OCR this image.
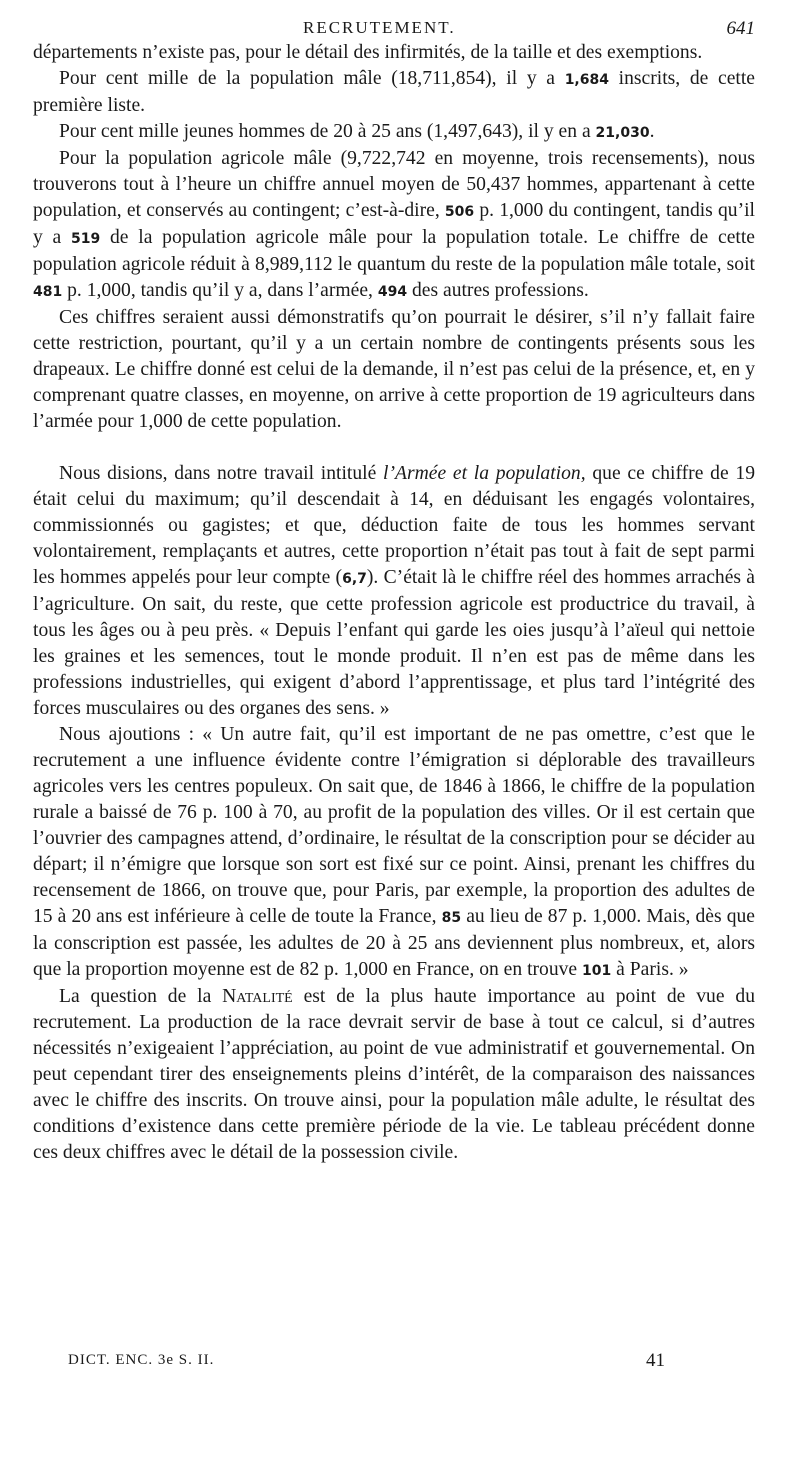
RECRUTEMENT.	641

départements n’existe pas, pour le détail des infirmités, de la taille et des exemptions.

Pour cent mille de la population mâle (18,711,854), il y a 1,684 inscrits, de cette première liste.

Pour cent mille jeunes hommes de 20 à 25 ans (1,497,643), il y en a 21,030.

Pour la population agricole mâle (9,722,742 en moyenne, trois recensements), nous trouverons tout à l’heure un chiffre annuel moyen de 50,437 hommes, appartenant à cette population, et conservés au contingent; c’est-à-dire, 506 p. 1,000 du contingent, tandis qu’il y a 519 de la population agricole mâle pour la population totale. Le chiffre de cette population agricole réduit à 8,989,112 le quantum du reste de la population mâle totale, soit 481 p. 1,000, tandis qu’il y a, dans l’armée, 494 des autres professions.

Ces chiffres seraient aussi démonstratifs qu’on pourrait le désirer, s’il n’y fallait faire cette restriction, pourtant, qu’il y a un certain nombre de contingents présents sous les drapeaux. Le chiffre donné est celui de la demande, il n’est pas celui de la présence, et, en y comprenant quatre classes, en moyenne, on arrive à cette proportion de 19 agriculteurs dans l’armée pour 1,000 de cette population.

Nous disions, dans notre travail intitulé l’Armée et la population, que ce chiffre de 19 était celui du maximum; qu’il descendait à 14, en déduisant les engagés volontaires, commissionnés ou gagistes; et que, déduction faite de tous les hommes servant volontairement, remplaçants et autres, cette proportion n’était pas tout à fait de sept parmi les hommes appelés pour leur compte (6,7). C’était là le chiffre réel des hommes arrachés à l’agriculture. On sait, du reste, que cette profession agricole est productrice du travail, à tous les âges ou à peu près. « Depuis l’enfant qui garde les oies jusqu’à l’aïeul qui nettoie les graines et les semences, tout le monde produit. Il n’en est pas de même dans les professions industrielles, qui exigent d’abord l’apprentissage, et plus tard l’intégrité des forces musculaires ou des organes des sens. »

Nous ajoutions : « Un autre fait, qu’il est important de ne pas omettre, c’est que le recrutement a une influence évidente contre l’émigration si déplorable des travailleurs agricoles vers les centres populeux. On sait que, de 1846 à 1866, le chiffre de la population rurale a baissé de 76 p. 100 à 70, au profit de la population des villes. Or il est certain que l’ouvrier des campagnes attend, d’ordinaire, le résultat de la conscription pour se décider au départ; il n’émigre que lorsque son sort est fixé sur ce point. Ainsi, prenant les chiffres du recensement de 1866, on trouve que, pour Paris, par exemple, la proportion des adultes de 15 à 20 ans est inférieure à celle de toute la France, 85 au lieu de 87 p. 1,000. Mais, dès que la conscription est passée, les adultes de 20 à 25 ans deviennent plus nombreux, et, alors que la proportion moyenne est de 82 p. 1,000 en France, on en trouve 101 à Paris. »

La question de la Natalité est de la plus haute importance au point de vue du recrutement. La production de la race devrait servir de base à tout ce calcul, si d’autres nécessités n’exigeaient l’appréciation, au point de vue administratif et gouvernemental. On peut cependant tirer des enseignements pleins d’intérêt, de la comparaison des naissances avec le chiffre des inscrits. On trouve ainsi, pour la population mâle adulte, le résultat des conditions d’existence dans cette première période de la vie. Le tableau précédent donne ces deux chiffres avec le détail de la possession civile.

DICT. ENC. 3e S. II.	41
